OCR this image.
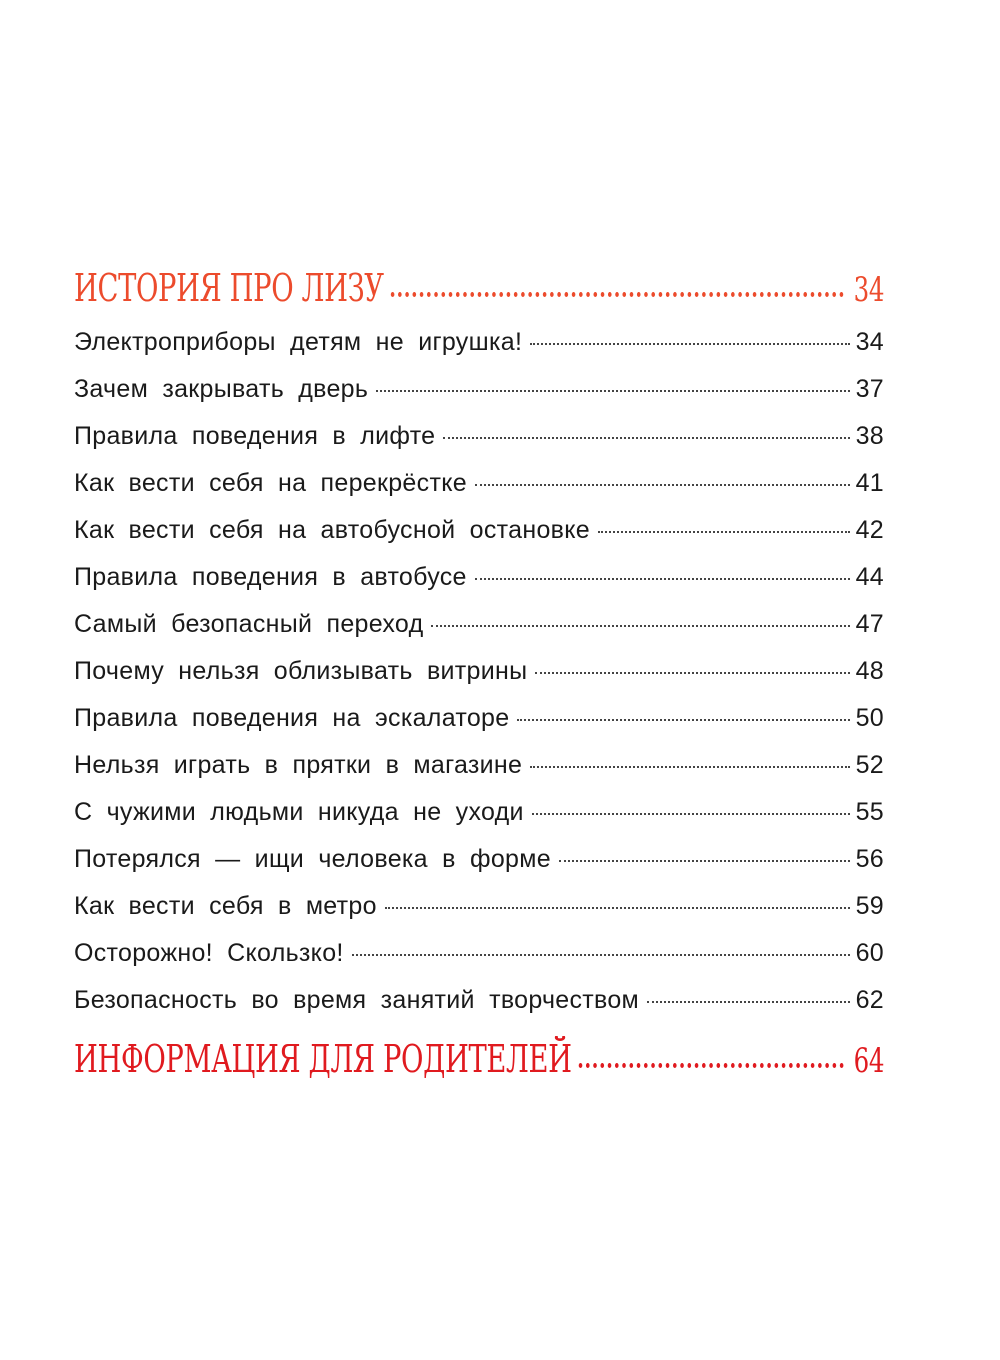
ИСТОРИЯ ПРО ЛИЗУ	34
Электроприборы детям не игрушка!	34
Зачем закрывать дверь	37
Правила поведения в лифте	38
Как вести себя на перекрёстке	41
Как вести себя на автобусной остановке	42
Правила поведения в автобусе	44
Самый безопасный переход	47
Почему нельзя облизывать витрины	48
Правила поведения на эскалаторе	50
Нельзя играть в прятки в магазине	52
С чужими людьми никуда не уходи	55
Потерялся — ищи человека в форме	56
Как вести себя в метро	59
Осторожно! Скользко!	60
Безопасность во время занятий творчеством	62
ИНФОРМАЦИЯ ДЛЯ РОДИТЕЛЕЙ	64
